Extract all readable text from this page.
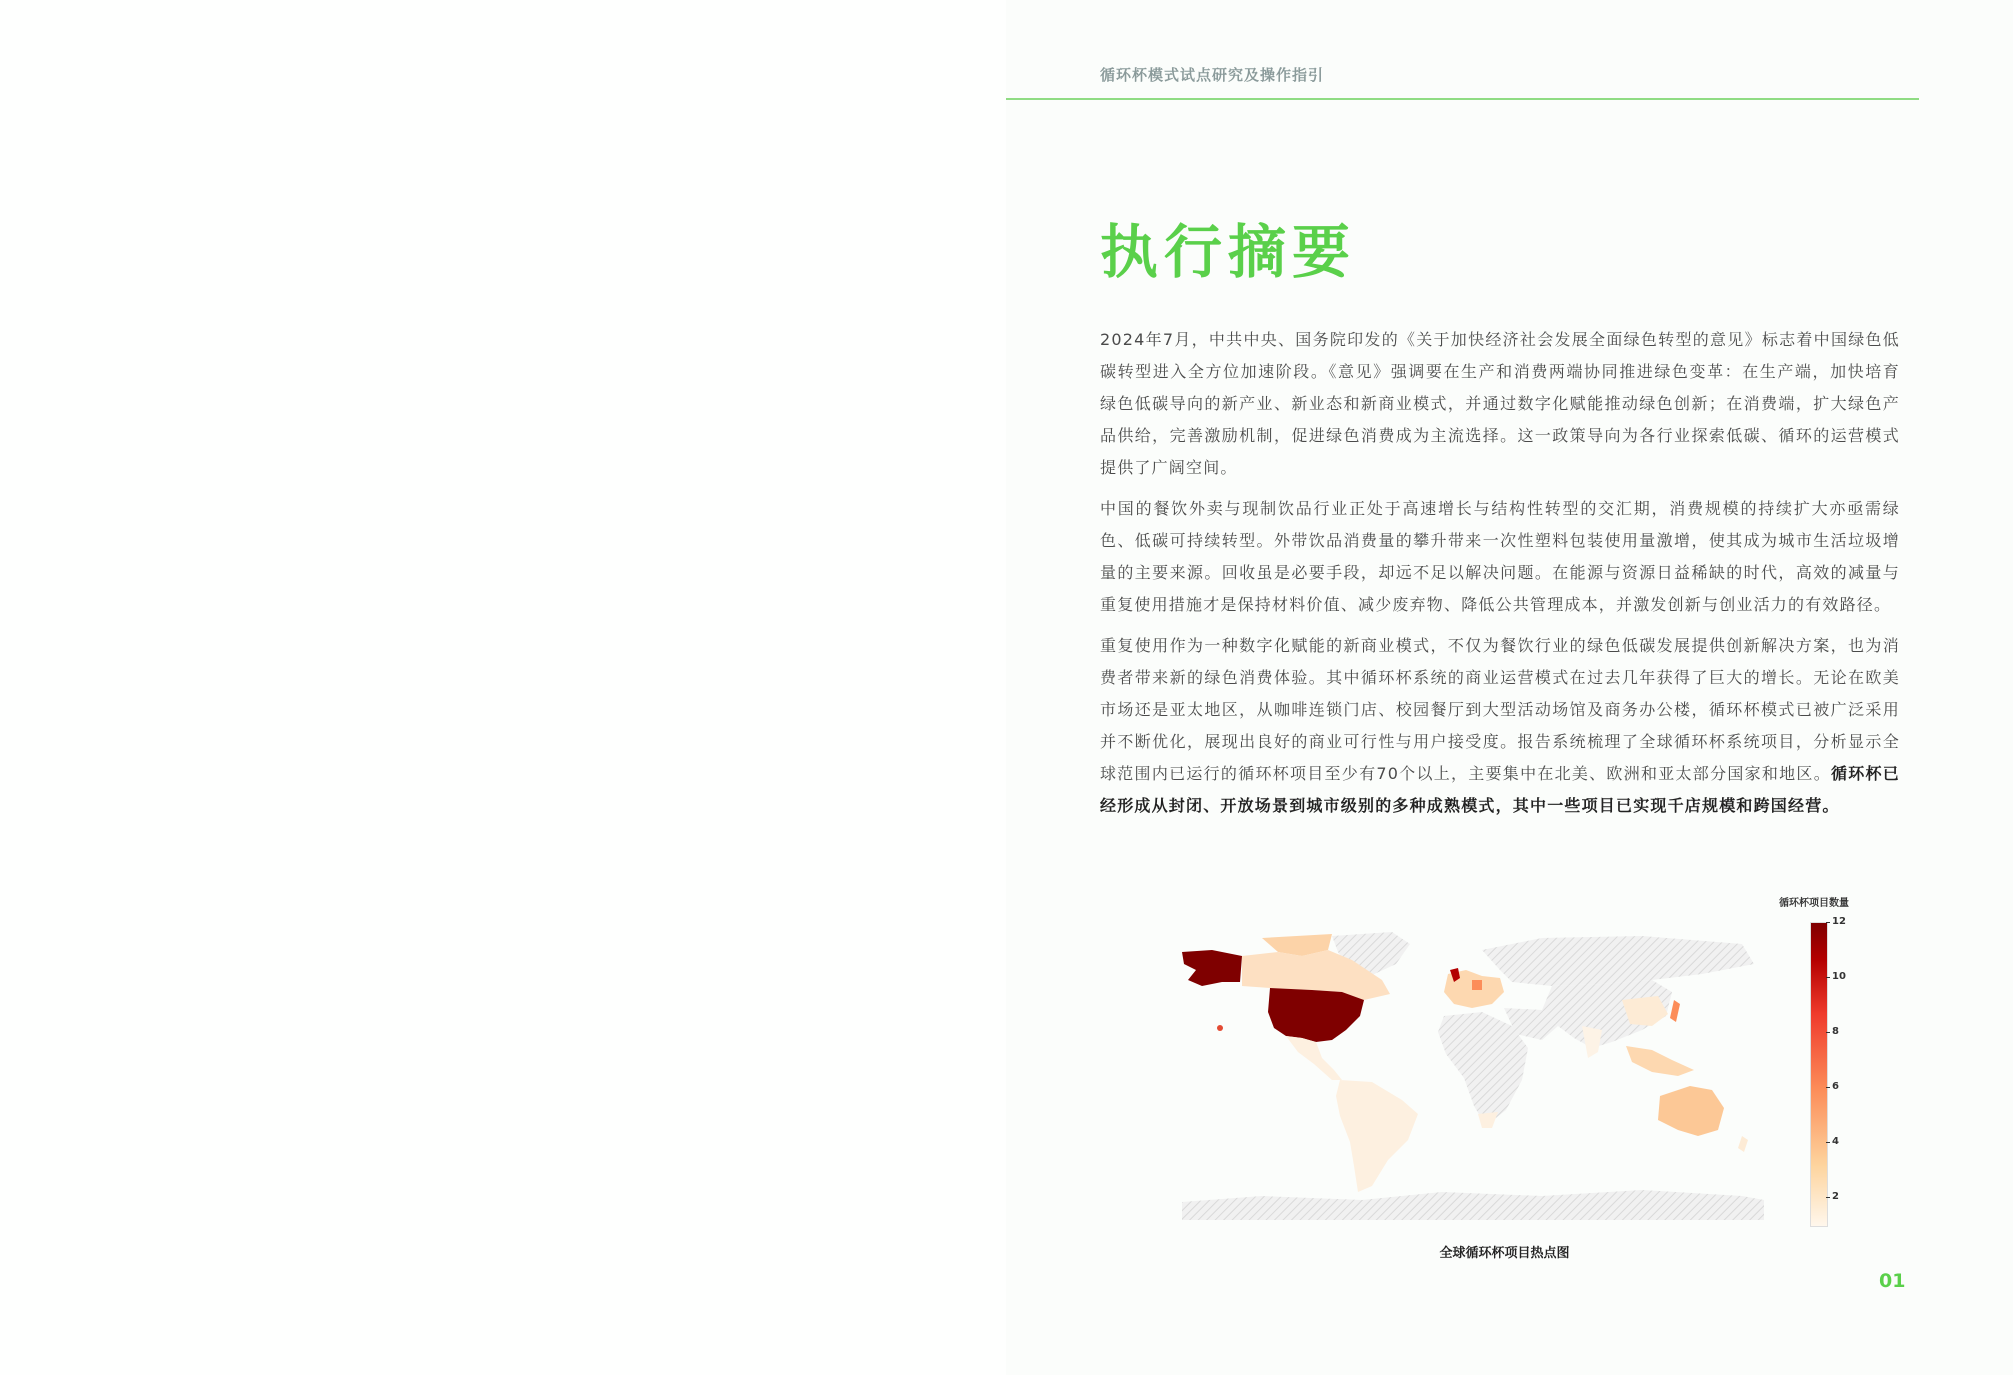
循环杯模式试点研究及操作指引
执行摘要

2024年7月，中共中央、国务院印发的《关于加快经济社会发展全面绿色转型的意见》标志着中国绿色低碳转型进入全方位加速阶段。《意见》强调要在生产和消费两端协同推进绿色变革：在生产端，加快培育绿色低碳导向的新产业、新业态和新商业模式，并通过数字化赋能推动绿色创新；在消费端，扩大绿色产品供给，完善激励机制，促进绿色消费成为主流选择。这一政策导向为各行业探索低碳、循环的运营模式提供了广阔空间。

中国的餐饮外卖与现制饮品行业正处于高速增长与结构性转型的交汇期，消费规模的持续扩大亦亟需绿色、低碳可持续转型。外带饮品消费量的攀升带来一次性塑料包装使用量激增，使其成为城市生活垃圾增量的主要来源。回收虽是必要手段，却远不足以解决问题。在能源与资源日益稀缺的时代，高效的减量与重复使用措施才是保持材料价值、减少废弃物、降低公共管理成本，并激发创新与创业活力的有效路径。

重复使用作为一种数字化赋能的新商业模式，不仅为餐饮行业的绿色低碳发展提供创新解决方案，也为消费者带来新的绿色消费体验。其中循环杯系统的商业运营模式在过去几年获得了巨大的增长。无论在欧美市场还是亚太地区，从咖啡连锁门店、校园餐厅到大型活动场馆及商务办公楼，循环杯模式已被广泛采用并不断优化，展现出良好的商业可行性与用户接受度。报告系统梳理了全球循环杯系统项目，分析显示全球范围内已运行的循环杯项目至少有70个以上，主要集中在北美、欧洲和亚太部分国家和地区。循环杯已经形成从封闭、开放场景到城市级别的多种成熟模式，其中一些项目已实现千店规模和跨国经营。

循环杯项目数量
12
10
8
6
4
2
全球循环杯项目热点图
01
